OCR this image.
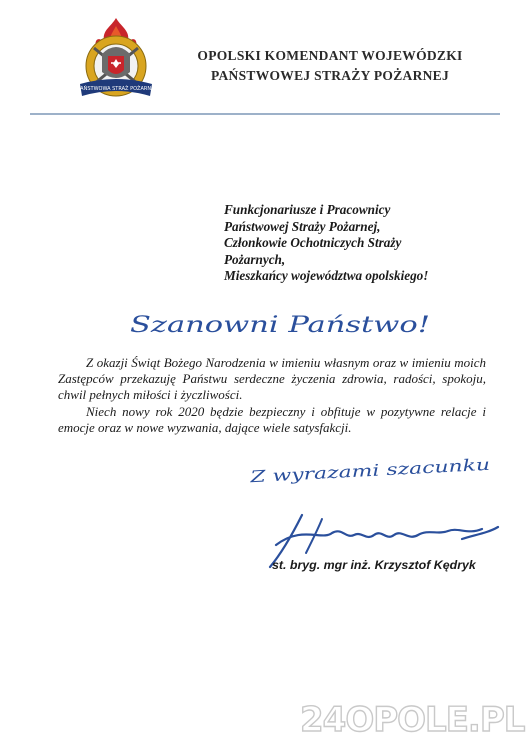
PAŃSTWOWA STRAŻ POŻARNA
OPOLSKI KOMENDANT WOJEWÓDZKI
PAŃSTWOWEJ STRAŻY POŻARNEJ
Funkcjonariusze i Pracownicy
Państwowej Straży Pożarnej,
Członkowie Ochotniczych Straży
Pożarnych,
Mieszkańcy województwa opolskiego!
Szanowni Państwo!

Z okazji Świąt Bożego Narodzenia w imieniu własnym oraz w imieniu moich Zastępców przekazuję Państwu serdeczne życzenia zdrowia, radości, spokoju, chwil pełnych miłości i życzliwości.

Niech nowy rok 2020 będzie bezpieczny i obfituje w pozytywne relacje i emocje oraz w nowe wyzwania, dające wiele satysfakcji.

Z wyrazami szacunku
st. bryg. mgr inż. Krzysztof Kędryk
24OPOLE.PL
